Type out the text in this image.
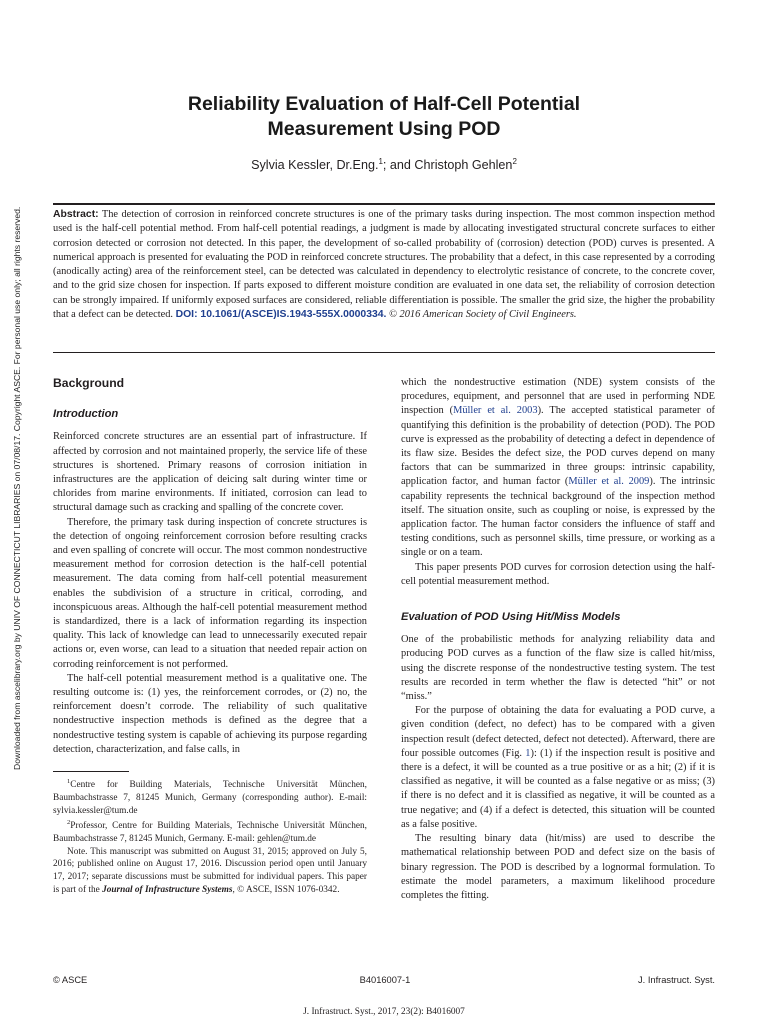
Downloaded from ascelibrary.org by UNIV OF CONNECTICUT LIBRARIES on 07/08/17. Copyright ASCE. For personal use only; all rights reserved.
Reliability Evaluation of Half-Cell Potential
Measurement Using POD
Sylvia Kessler, Dr.Eng.$^1$; and Christoph Gehlen$^2$
Abstract: The detection of corrosion in reinforced concrete structures is one of the primary tasks during inspection. The most common inspection method used is the half-cell potential method. From half-cell potential readings, a judgment is made by allocating investigated structural concrete surfaces to either corrosion detected or corrosion not detected. In this paper, the development of so-called probability of (corrosion) detection (POD) curves is presented. A numerical approach is presented for evaluating the POD in reinforced concrete structures. The probability that a defect, in this case represented by a corroding (anodically acting) area of the reinforcement steel, can be detected was calculated in dependency to electrolytic resistance of concrete, to the concrete cover, and to the grid size chosen for inspection. If parts exposed to different moisture condition are evaluated in one data set, the reliability of corrosion detection can be strongly impaired. If uniformly exposed surfaces are considered, reliable differentiation is possible. The smaller the grid size, the higher the probability that a defect can be detected. DOI: 10.1061/(ASCE)IS.1943-555X.0000334. © 2016 American Society of Civil Engineers.
Background
Introduction

Reinforced concrete structures are an essential part of infrastructure. If affected by corrosion and not maintained properly, the service life of these structures is shortened. Primary reasons of corrosion initiation in infrastructures are the application of deicing salt during winter time or chlorides from marine environments. If initiated, corrosion can lead to structural damage such as cracking and spalling of the concrete cover.

Therefore, the primary task during inspection of concrete structures is the detection of ongoing reinforcement corrosion before resulting cracks and even spalling of concrete will occur. The most common nondestructive measurement method for corrosion detection is the half-cell potential measurement. The data coming from half-cell potential measurement enables the subdivision of a structure in critical, corroding, and inconspicuous areas. Although the half-cell potential measurement method is standardized, there is a lack of information regarding its inspection quality. This lack of knowledge can lead to unnecessarily executed repair actions or, even worse, can lead to a situation that needed repair action on corroding reinforcement is not performed.

The half-cell potential measurement method is a qualitative one. The resulting outcome is: (1) yes, the reinforcement corrodes, or (2) no, the reinforcement doesn’t corrode. The reliability of such qualitative nondestructive inspection methods is defined as the degree that a nondestructive testing system is capable of achieving its purpose regarding detection, characterization, and false calls, in

$^1$Centre for Building Materials, Technische Universität München, Baumbachstrasse 7, 81245 Munich, Germany (corresponding author). E-mail: sylvia.kessler@tum.de

$^2$Professor, Centre for Building Materials, Technische Universität München, Baumbachstrasse 7, 81245 Munich, Germany. E-mail: gehlen@tum.de

Note. This manuscript was submitted on August 31, 2015; approved on July 5, 2016; published online on August 17, 2016. Discussion period open until January 17, 2017; separate discussions must be submitted for individual papers. This paper is part of the Journal of Infrastructure Systems, © ASCE, ISSN 1076-0342.

which the nondestructive estimation (NDE) system consists of the procedures, equipment, and personnel that are used in performing NDE inspection (Müller et al. 2003). The accepted statistical parameter of quantifying this definition is the probability of detection (POD). The POD curve is expressed as the probability of detecting a defect in dependence of its flaw size. Besides the defect size, the POD curves depend on many factors that can be summarized in three groups: intrinsic capability, application factor, and human factor (Müller et al. 2009). The intrinsic capability represents the technical background of the inspection method itself. The situation onsite, such as coupling or noise, is expressed by the application factor. The human factor considers the influence of staff and testing conditions, such as personnel skills, time pressure, or working as a single or on a team.

This paper presents POD curves for corrosion detection using the half-cell potential measurement method.

Evaluation of POD Using Hit/Miss Models

One of the probabilistic methods for analyzing reliability data and producing POD curves as a function of the flaw size is called hit/miss, using the discrete response of the nondestructive testing system. The test results are recorded in term whether the flaw is detected “hit” or not “miss.”

For the purpose of obtaining the data for evaluating a POD curve, a given condition (defect, no defect) has to be compared with a given inspection result (defect detected, defect not detected). Afterward, there are four possible outcomes (Fig. 1): (1) if the inspection result is positive and there is a defect, it will be counted as a true positive or as a hit; (2) if it is classified as negative, it will be counted as a false negative or as miss; (3) if there is no defect and it is classified as negative, it will be counted as a true negative; and (4) if a defect is detected, this situation will be counted as a false positive.

The resulting binary data (hit/miss) are used to describe the mathematical relationship between POD and defect size on the basis of binary regression. The POD is described by a lognormal formulation. To estimate the model parameters, a maximum likelihood procedure completes the fitting.

© ASCE	B4016007-1	J. Infrastruct. Syst.
J. Infrastruct. Syst., 2017, 23(2): B4016007
